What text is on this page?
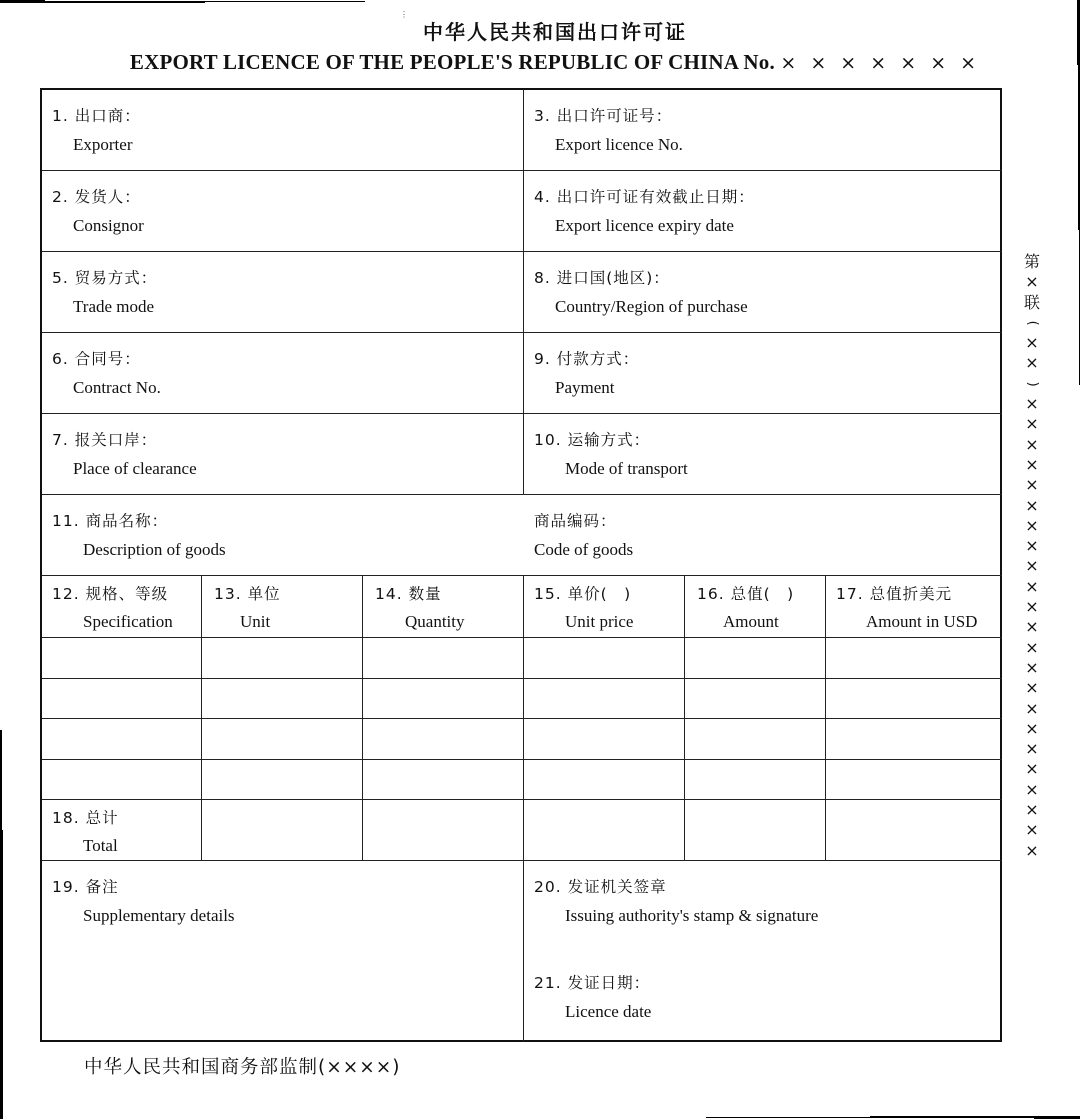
⋮
中华人民共和国出口许可证
EXPORT LICENCE OF THE PEOPLE'S REPUBLIC OF CHINA No. × × × × × × ×
1. 出口商：
Exporter
2. 发货人：
Consignor
5. 贸易方式：
Trade mode
6. 合同号：
Contract No.
7. 报关口岸：
Place of clearance
11. 商品名称：
Description of goods
3. 出口许可证号：
Export licence No.
4. 出口许可证有效截止日期：
Export licence expiry date
8. 进口国(地区)：
Country/Region of purchase
9. 付款方式：
Payment
10. 运输方式：
Mode of transport
商品编码：
Code of goods
12. 规格、等级
Specification
13. 单位
Unit
14. 数量
Quantity
15. 单价(　)
Unit price
16. 总值(　)
Amount
17. 总值折美元
Amount in USD
18. 总计
Total
19. 备注
Supplementary details
20. 发证机关签章
Issuing authority's stamp & signature
21. 发证日期：
Licence date
第
×
联
(
×
×
)
×
×
×
×
×
×
×
×
×
×
×
×
×
×
×
×
×
×
×
×
×
×
×
中华人民共和国商务部监制(××××)
